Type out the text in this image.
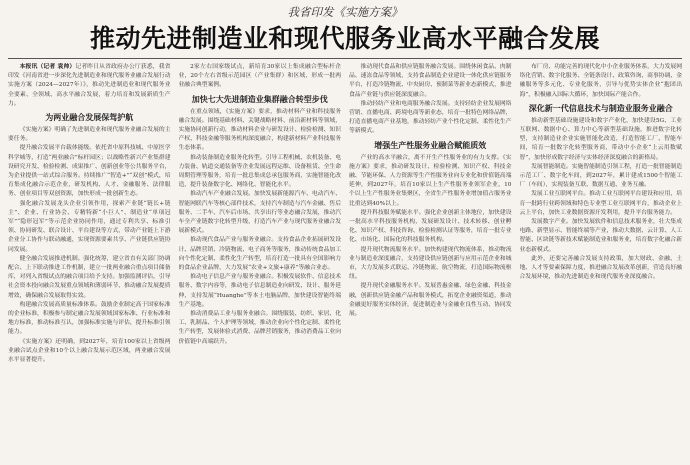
我省印发《实施方案》
推动先进制造业和现代服务业高水平融合发展

本报讯（记者 袁帅）记者昨日从省政府办公厅获悉，我省印发《河南省进一步深化先进制造业和现代服务业融合发展行动实施方案（2024—2027年）》，推动先进制造业和现代服务业全要素、全领域、高水平融合发展，着力培育和发展新质生产力。

为两业融合发展保驾护航

《实施方案》明确了先进制造业和现代服务业融合发展的主要任务。

提升融合发展平台载体能级。依托省中原科技城、中原医学科学城等，打造“两业融合”标杆园区；以战略性新兴产业集群建设研究开发、检验检测、成果推广、创新创业等公共服务平台，为企业提供一站式综合服务。持续推广“智造+”“双创”模式，培育集成化融合示范企业，研发机构、人才、金融服务、法律服务、创业项目等双创资源，加快形成一批创新生态。

强化融合发展龙头企业引领作用，探索产业链“链长+链主”、企业、行业协会、专精特新“小巨人”、制造业“单项冠军”“隐形冠军”等示范企业协同作用，通过专利共享、标准引领、协同研发、联合设计、平台建设等方式，带动产业链上下游企业分工协作与联动融通，实现资源要素共享、产业链供应链协同发展。

健全融合发展推进机制。强化统筹，建立省直有关部门协调配合、上下联动推进工作机制，建立一批两业融合重点项目储备库，对列入省级试点的融合项目给予支持。加强监测评估，引导社会资本投向融合发展重点领域和薄弱环节，推动融合发展提质增效，确保融合发展取得实效。

构建融合发展高质量标准体系。鼓励企业制定高于国家标准的企业标准，积极参与制定融合发展领域国家标准、行业标准和地方标准，推动标准互认，加强标准实施与评估，提升标准引领能力。

《实施方案》还明确，到2027年，培育100家以上省级两业融合试点企业和10个以上融合发展示范区域，两业融合发展水平显著提升。

2家左右国家级试点，新培育30家以上集成融合型标杆企业，20个左右省级示范园区（产业集群）和区域，形成一批两业融合典型案例。

加快七大先进制造业集群融合转型步伐

在重点领域，《实施方案》要求，推动材料产业和科技服务融合发展。围绕基础材料、关键战略材料、前沿新材料等领域，实施协同创新行动，推动材料企业与研发设计、检验检测、知识产权、科技金融等服务机构深度融合，构建新材料产业科技服务生态体系。

推动装备制造业服务化转型。引导工程机械、农机装备、电力装备、轨道交通装备等企业发展远程运维、设备租赁、全生命周期管理等服务，培育一批总集成总承包服务商，实施智能化改造，提升装备数字化、网络化、智能化水平。

推动汽车产业融合发展。加快发展新能源汽车、电动汽车、智能网联汽车等核心部件技术，支持汽车制造与汽车金融、售后服务、二手车、汽车后市场、共享出行等业态融合发展，推动汽车全产业链数字化转型升级，打造汽车产业与现代服务业融合发展新模式。

推动现代食品产业与服务业融合。支持食品企业拓展研发设计、品牌营销、冷链物流、电子商务等服务，推动传统食品加工向个性化定制、柔性化生产转型，培育打造一批具有全国影响力的食品企业品牌，大力发展“农业+文旅+康养”等融合业态。

推动电子信息产业与服务业融合。积极发展软件、信息技术服务、数字内容等，推动电子信息制造业向研发、设计、服务延伸，支持发展“Huanghe”等本土电脑品牌，加快建设智能终端生产基地。

推动消费品工业与服务业融合。围绕服装、纺织、家居、化工、乳制品、个人护理等领域，推动企业向个性化定制、柔性化生产转型，发展体验式消费、品牌营销服务，推动消费品工业向价值链中高端跃升。

推动现代食品和供应链服务融合发展。围绕休闲食品、肉制品、速冻食品等领域，支持食品制造企业建设一体化供应链服务平台，打造冷链物流、中央厨房、预制菜等新业态新模式，推进食品产业链与供应链深度融合。

推动轻纺产业和电商服务融合发展。支持轻纺企业发展网络营销、直播电商、跨境电商等新业态，培育一批特色网络品牌，打造直播电商产业基地，推动轻纺产业个性化定制、柔性化生产等新模式。

增强生产性服务业融合赋能质效

产业的高水平融合，离不开生产性服务业的有力支撑。《实施方案》要求，推动研发设计、检验检测、知识产权、科技金融、节能环保、人力资源等生产性服务业向专业化和价值链高端延伸，到2027年，培育10家以上生产性服务业领军企业，10个以上生产性服务业集聚区，全省生产性服务业增加值占服务业比重达到40%以上。

提升科技服务赋能水平。强化企业创新主体地位，加快建设一批高水平科技服务机构，发展研发设计、技术转移、创业孵化、知识产权、科技咨询、检验检测认证等服务，培育一批专业化、市场化、国际化的科技服务机构。

提升现代物流服务水平。加快构建现代物流体系，推动物流业与制造业深度融合，支持建设供应链创新与应用示范企业和城市，大力发展多式联运、冷链物流、航空物流，打造国际物流枢纽。

提升现代金融服务水平。发展普惠金融、绿色金融、科技金融，创新供应链金融产品和服务模式，拓宽企业融资渠道，推动金融更好服务实体经济，促进制造业与金融业良性互动、协同发展。

布厂房、功能完善的现代化中小企业服务体系，大力发展网络化营销、数字化服务、全链条设计、政策咨询、商事协调、金融服务等多元化、专业化服务，引导与优势实体企业“抱团出海”，积极融入国际大循环，加快国际产能合作。

深化新一代信息技术与制造业服务业融合

推动新型基础设施建设和数字产业化，加快建设5G、工业互联网、数据中心、算力中心等新型基础设施，推进数字化转型，支持制造业企业实施智能化改造，打造智能工厂、智能车间，培育一批数字化转型服务商，带动中小企业“上云用数赋智”，加快形成数字经济与实体经济深度融合的新格局。

发展智能制造。实施智能制造引领工程，打造一批智能制造示范工厂、数字化车间，到2027年，累计建成1500个智能工厂（车间），实现装备互联、数据互通、业务互融。

发展工业互联网平台。推动工业互联网平台建设和应用，培育一批跨行业跨领域和特色专业型工业互联网平台，推动企业上云上平台，加快工业数据资源开发利用，提升平台服务能力。

发展数字产业。加快发展软件和信息技术服务业，壮大集成电路、新型显示、智能终端等产业，推动大数据、云计算、人工智能、区块链等新技术赋能制造业和服务业，培育数字化融合新业态新模式。

此外，还要完善融合发展支持政策，加大财政、金融、土地、人才等要素保障力度，推进融合发展改革创新，营造良好融合发展环境，推动先进制造业和现代服务业深度融合。
